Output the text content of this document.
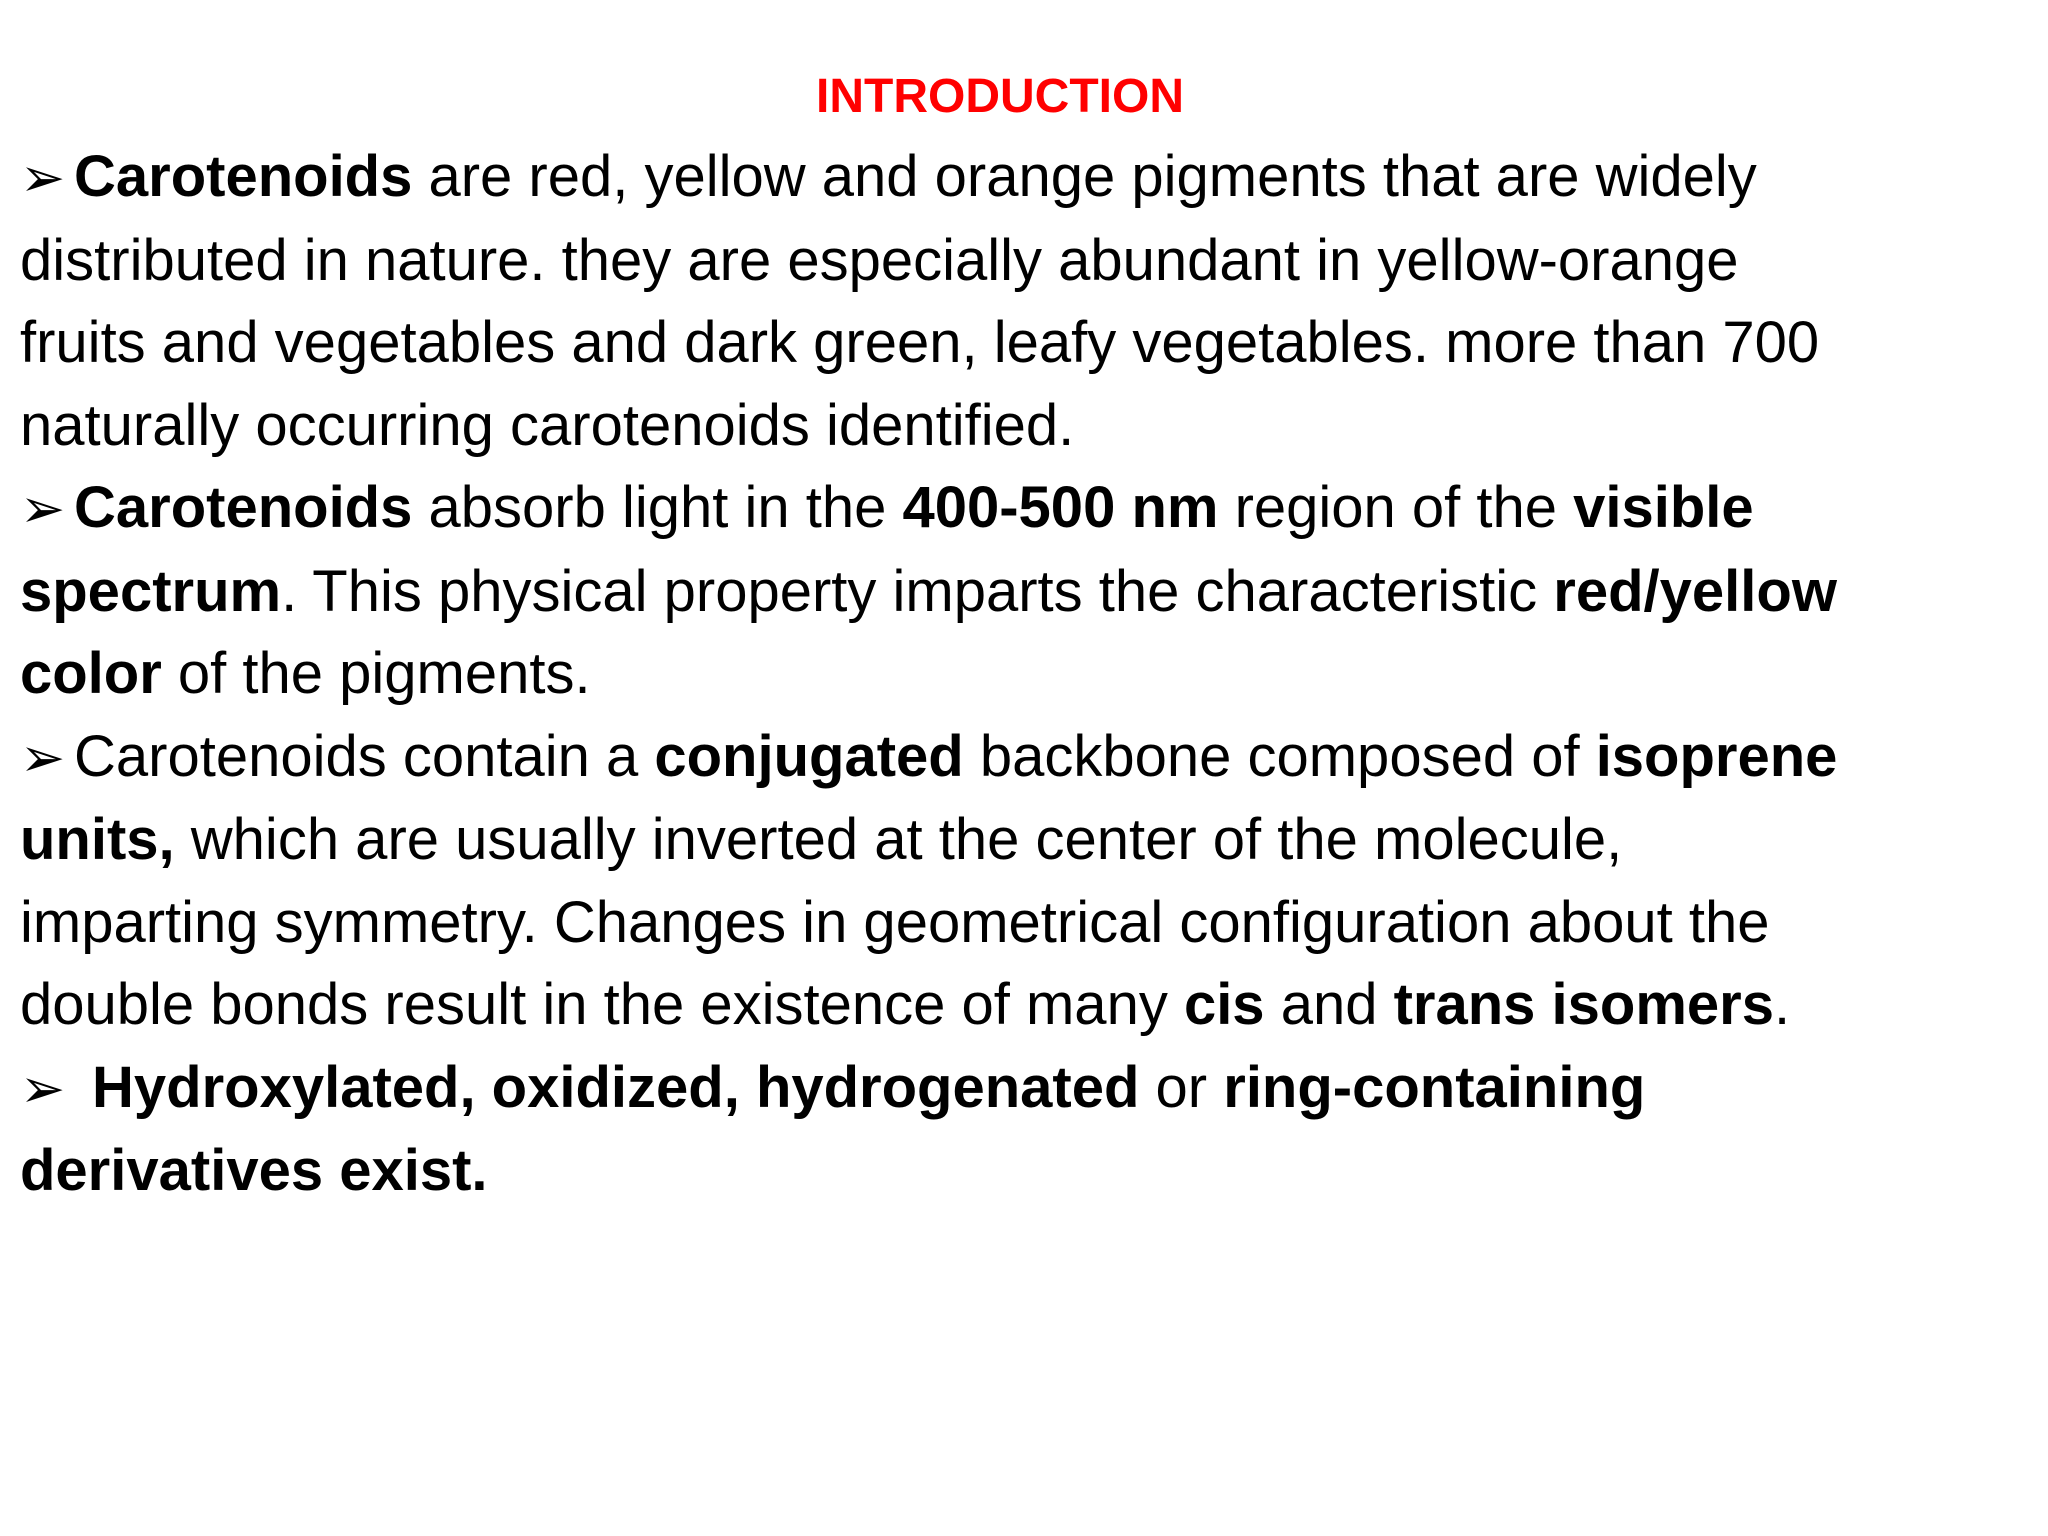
INTRODUCTION
➢ Carotenoids are red, yellow and orange pigments that are widely
distributed in nature. they are especially abundant in yellow-orange
fruits and vegetables and dark green, leafy vegetables. more than 700
naturally occurring carotenoids identified.
➢ Carotenoids absorb light in the 400-500 nm region of the visible
spectrum. This physical property imparts the characteristic red/yellow
color of the pigments.
➢ Carotenoids contain a conjugated backbone composed of isoprene
units, which are usually inverted at the center of the molecule,
imparting symmetry. Changes in geometrical configuration about the
double bonds result in the existence of many cis and trans isomers.
➢ Hydroxylated, oxidized, hydrogenated or ring-containing
derivatives exist.
